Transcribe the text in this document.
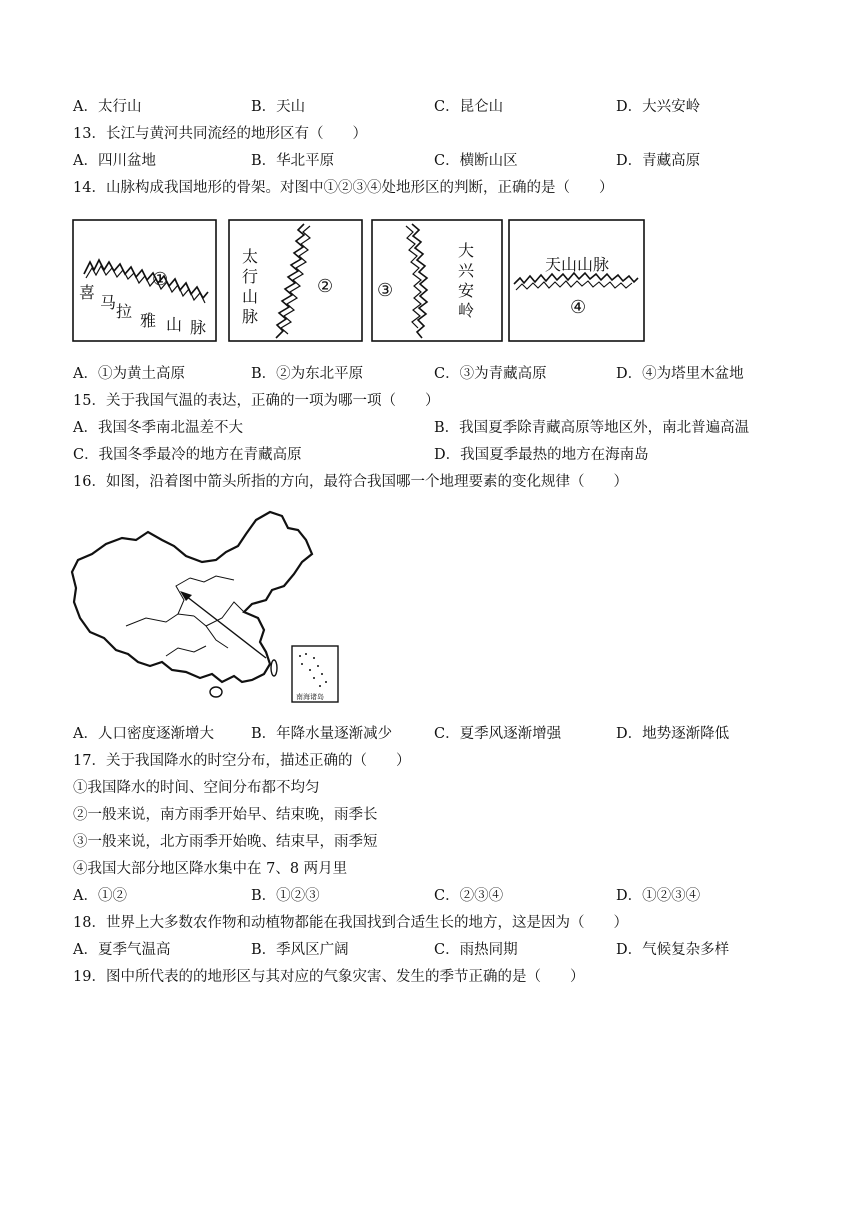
A．太行山	B．天山	C．昆仑山	D．大兴安岭
13．长江与黄河共同流经的地形区有（　　）
A．四川盆地	B．华北平原	C．横断山区	D．青藏高原
14．山脉构成我国地形的骨架。对图中①②③④处地形区的判断，正确的是（　　）
①
喜
马 拉 雅 山 脉
太
行
山
脉
② ③
大
兴
安
岭
天山山脉
④
A．①为黄土高原	B．②为东北平原	C．③为青藏高原	D．④为塔里木盆地
15．关于我国气温的表达，正确的一项为哪一项（　　）
A．我国冬季南北温差不大	B．我国夏季除青藏高原等地区外，南北普遍高温
C．我国冬季最冷的地方在青藏高原	D．我国夏季最热的地方在海南岛
16．如图，沿着图中箭头所指的方向，最符合我国哪一个地理要素的变化规律（　　）
南海诸岛
A．人口密度逐渐增大	B．年降水量逐渐减少	C．夏季风逐渐增强	D．地势逐渐降低
17．关于我国降水的时空分布，描述正确的（　　）
①我国降水的时间、空间分布都不均匀
②一般来说，南方雨季开始早、结束晚，雨季长
③一般来说，北方雨季开始晚、结束早，雨季短
④我国大部分地区降水集中在 7、8 两月里
A．①②	B．①②③	C．②③④	D．①②③④
18．世界上大多数农作物和动植物都能在我国找到合适生长的地方，这是因为（　　）
A．夏季气温高	B．季风区广阔	C．雨热同期	D．气候复杂多样
19．图中所代表的的地形区与其对应的气象灾害、发生的季节正确的是（　　）
